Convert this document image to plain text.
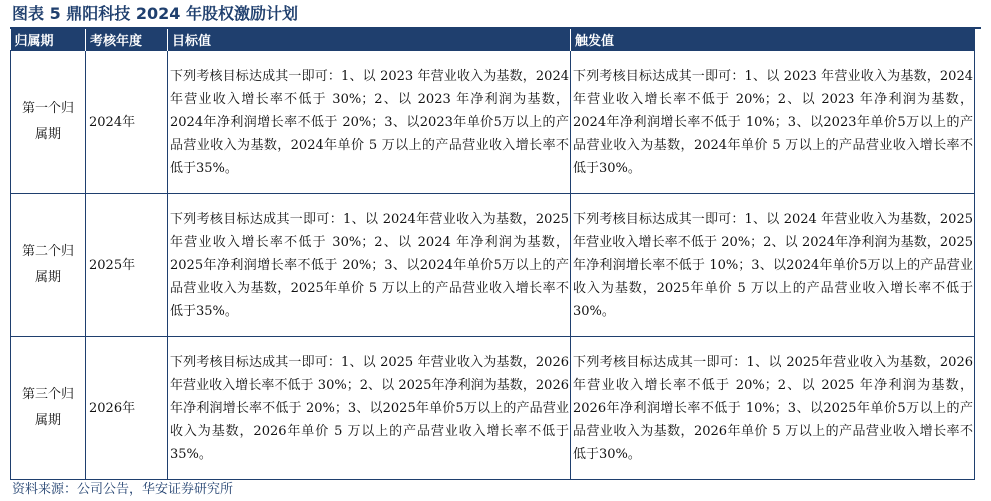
图表 5 鼎阳科技 2024 年股权激励计划
归属期	考核年度	目标值	触发值
第一个归属期	2024年	下列考核目标达成其一即可：1、以 2023 年营业收入为基数，2024年营业收入增长率不低于 30%；2、以 2023 年净利润为基数，2024年净利润增长率不低于 20%；3、以2023年单价5万以上的产品营业收入为基数，2024年单价 5 万以上的产品营业收入增长率不低于35%。	下列考核目标达成其一即可：1、以 2023 年营业收入为基数，2024年营业收入增长率不低于 20%；2、以 2023 年净利润为基数，2024年净利润增长率不低于 10%；3、以2023年单价5万以上的产品营业收入为基数，2024年单价 5 万以上的产品营业收入增长率不低于30%。
第二个归属期	2025年	下列考核目标达成其一即可：1、以 2024年营业收入为基数，2025年营业收入增长率不低于 30%；2、以 2024 年净利润为基数，2025年净利润增长率不低于 20%；3、以2024年单价5万以上的产品营业收入为基数，2025年单价 5 万以上的产品营业收入增长率不低于35%。	下列考核目标达成其一即可：1、以 2024 年营业收入为基数，2025年营业收入增长率不低于 20%；2、以 2024年净利润为基数，2025年净利润增长率不低于 10%；3、以2024年单价5万以上的产品营业收入为基数，2025年单价 5 万以上的产品营业收入增长率不低于30%。
第三个归属期	2026年	下列考核目标达成其一即可：1、以 2025 年营业收入为基数，2026年营业收入增长率不低于 30%；2、以 2025年净利润为基数，2026年净利润增长率不低于 20%；3、以2025年单价5万以上的产品营业收入为基数，2026年单价 5 万以上的产品营业收入增长率不低于35%。	下列考核目标达成其一即可：1、以 2025年营业收入为基数，2026年营业收入增长率不低于 20%；2、以 2025 年净利润为基数，2026年净利润增长率不低于 10%；3、以2025年单价5万以上的产品营业收入为基数，2026年单价 5 万以上的产品营业收入增长率不低于30%。
资料来源：公司公告，华安证券研究所
